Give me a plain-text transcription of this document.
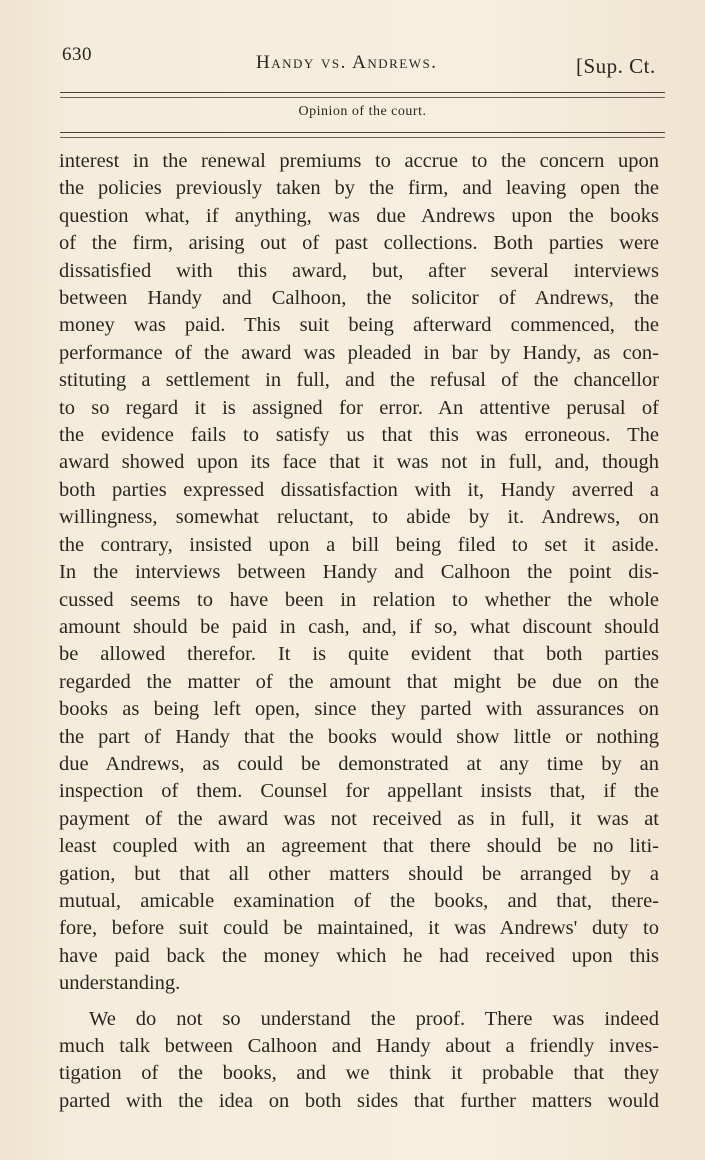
630	Handy vs. Andrews.	[Sup. Ct.
Opinion of the court.
interest in the renewal premiums to accrue to the concern upon
the policies previously taken by the firm, and leaving open the
question what, if anything, was due Andrews upon the books
of the firm, arising out of past collections. Both parties were
dissatisfied with this award, but, after several interviews
between Handy and Calhoon, the solicitor of Andrews, the
money was paid. This suit being afterward commenced, the
performance of the award was pleaded in bar by Handy, as con-
stituting a settlement in full, and the refusal of the chancellor
to so regard it is assigned for error. An attentive perusal of
the evidence fails to satisfy us that this was erroneous. The
award showed upon its face that it was not in full, and, though
both parties expressed dissatisfaction with it, Handy averred a
willingness, somewhat reluctant, to abide by it. Andrews, on
the contrary, insisted upon a bill being filed to set it aside.
In the interviews between Handy and Calhoon the point dis-
cussed seems to have been in relation to whether the whole
amount should be paid in cash, and, if so, what discount should
be allowed therefor. It is quite evident that both parties
regarded the matter of the amount that might be due on the
books as being left open, since they parted with assurances on
the part of Handy that the books would show little or nothing
due Andrews, as could be demonstrated at any time by an
inspection of them. Counsel for appellant insists that, if the
payment of the award was not received as in full, it was at
least coupled with an agreement that there should be no liti-
gation, but that all other matters should be arranged by a
mutual, amicable examination of the books, and that, there-
fore, before suit could be maintained, it was Andrews' duty to
have paid back the money which he had received upon this
understanding.
We do not so understand the proof. There was indeed
much talk between Calhoon and Handy about a friendly inves-
tigation of the books, and we think it probable that they
parted with the idea on both sides that further matters would
